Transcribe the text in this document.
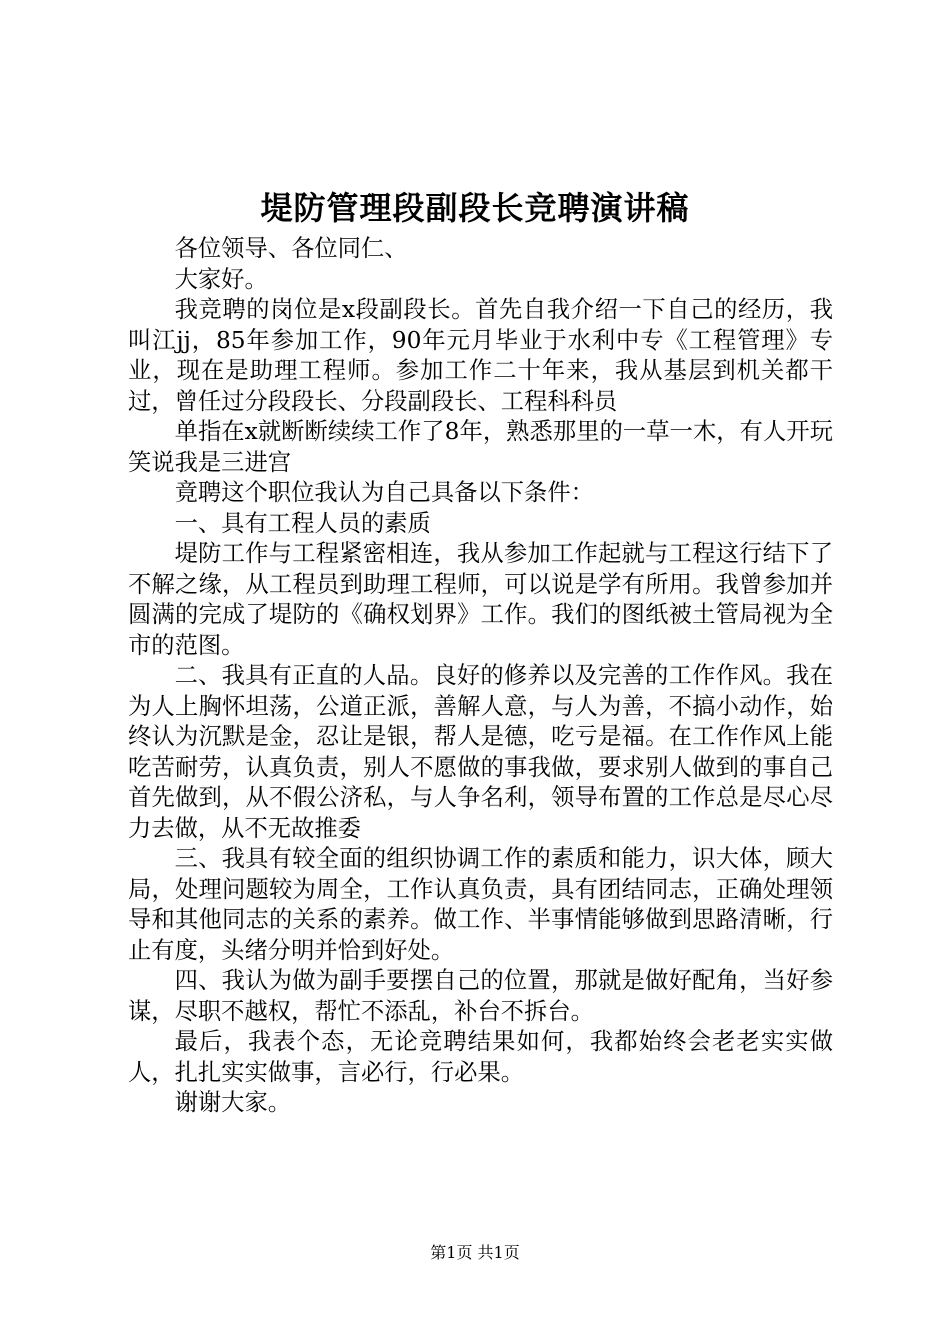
堤防管理段副段长竞聘演讲稿

各位领导、各位同仁、

大家好。

我竞聘的岗位是x段副段长。首先自我介绍一下自己的经历，我叫江jj，85年参加工作，90年元月毕业于水利中专《工程管理》专业，现在是助理工程师。参加工作二十年来，我从基层到机关都干过，曾任过分段段长、分段副段长、工程科科员

单指在x就断断续续工作了8年，熟悉那里的一草一木，有人开玩笑说我是三进宫

竟聘这个职位我认为自己具备以下条件：

一、具有工程人员的素质

堤防工作与工程紧密相连，我从参加工作起就与工程这行结下了不解之缘，从工程员到助理工程师，可以说是学有所用。我曾参加并圆满的完成了堤防的《确权划界》工作。我们的图纸被土管局视为全市的范图。

二、我具有正直的人品。良好的修养以及完善的工作作风。我在为人上胸怀坦荡，公道正派，善解人意，与人为善，不搞小动作，始终认为沉默是金，忍让是银，帮人是德，吃亏是福。在工作作风上能吃苦耐劳，认真负责，别人不愿做的事我做，要求别人做到的事自己首先做到，从不假公济私，与人争名利，领导布置的工作总是尽心尽力去做，从不无故推委

三、我具有较全面的组织协调工作的素质和能力，识大体，顾大局，处理问题较为周全，工作认真负责，具有团结同志，正确处理领导和其他同志的关系的素养。做工作、半事情能够做到思路清晰，行止有度，头绪分明并恰到好处。

四、我认为做为副手要摆自己的位置，那就是做好配角，当好参谋，尽职不越权，帮忙不添乱，补台不拆台。

最后，我表个态，无论竞聘结果如何，我都始终会老老实实做人，扎扎实实做事，言必行，行必果。

谢谢大家。

第1页 共1页
